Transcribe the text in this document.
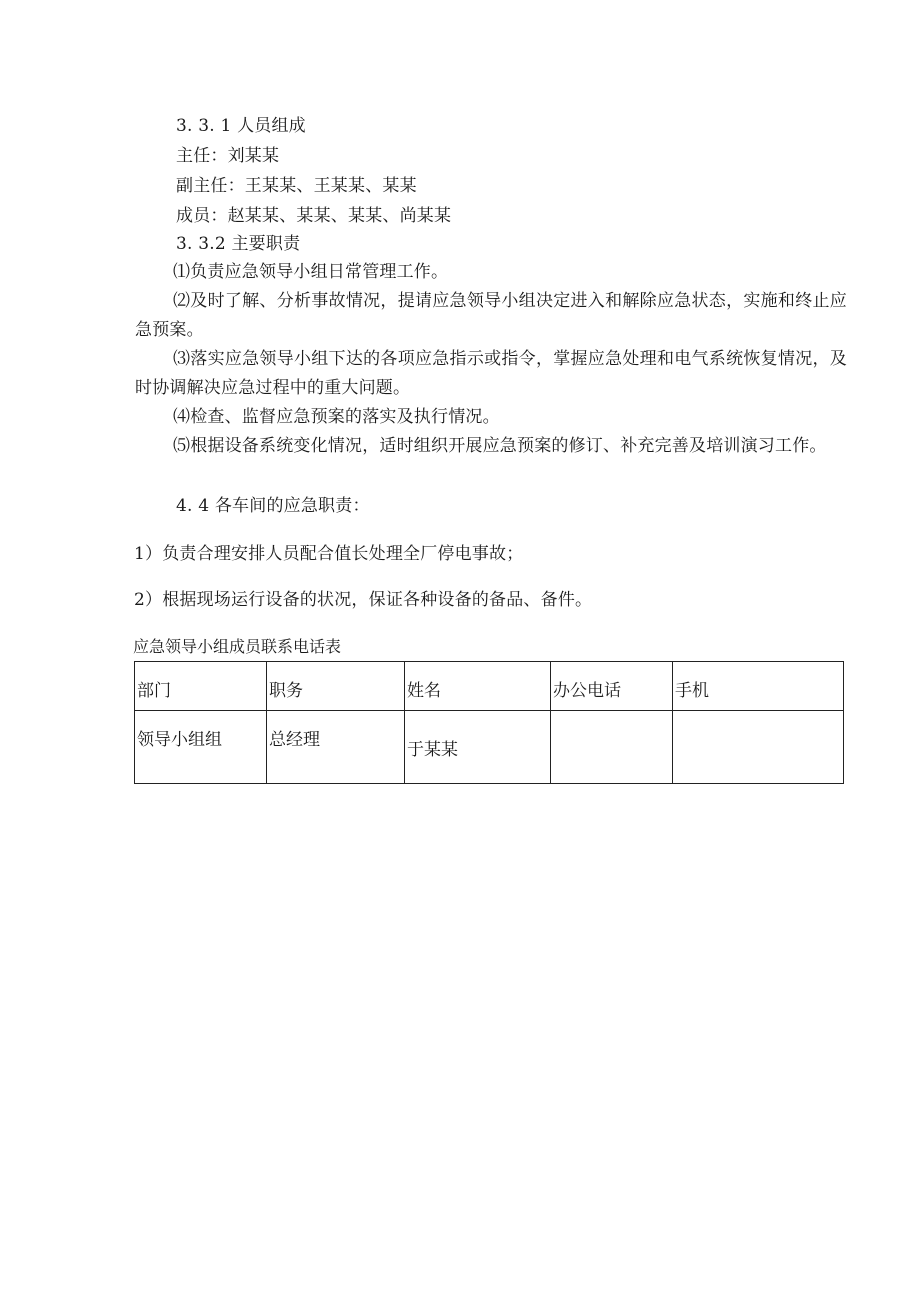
3. 3. 1 人员组成
主任：刘某某
副主任：王某某、王某某、某某
成员：赵某某、某某、某某、尚某某
3. 3.2 主要职责
⑴负责应急领导小组日常管理工作。
⑵及时了解、分析事故情况，提请应急领导小组决定进入和解除应急状态，实施和终止应急预案。
⑶落实应急领导小组下达的各项应急指示或指令，掌握应急处理和电气系统恢复情况，及时协调解决应急过程中的重大问题。
⑷检查、监督应急预案的落实及执行情况。
⑸根据设备系统变化情况，适时组织开展应急预案的修订、补充完善及培训演习工作。
4. 4 各车间的应急职责：
1）负责合理安排人员配合值长处理全厂停电事故；
2）根据现场运行设备的状况，保证各种设备的备品、备件。
应急领导小组成员联系电话表
部门	职务	姓名	办公电话	手机
领导小组组	总经理	于某某		
